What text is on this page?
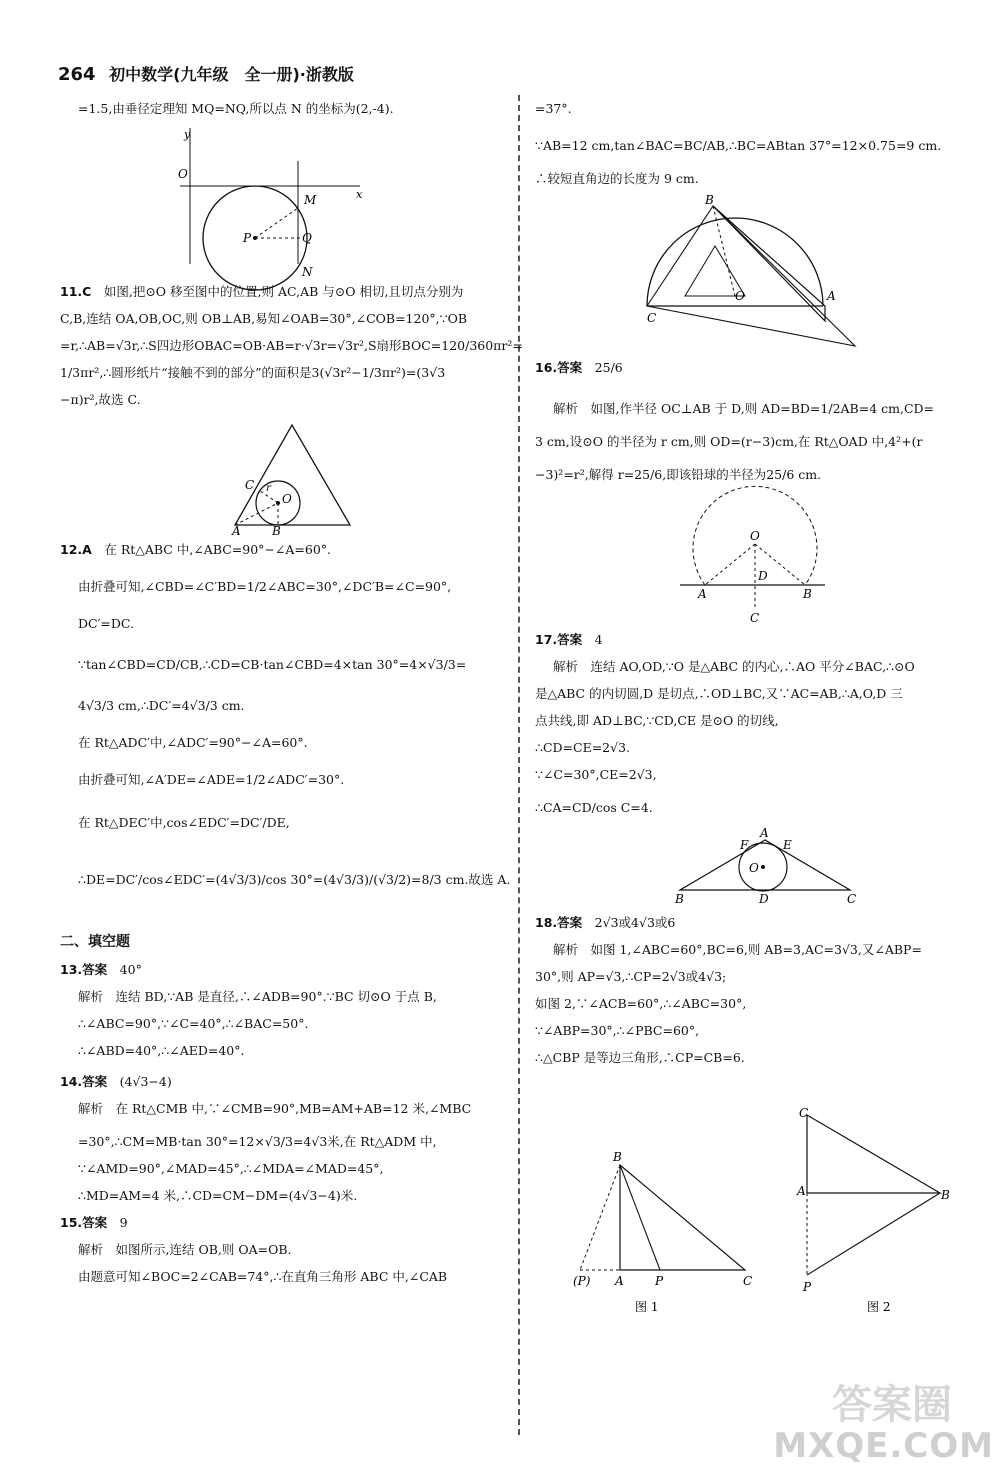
264 初中数学(九年级　全一册)·浙教版
=1.5,由垂径定理知 MQ=NQ,所以点 N 的坐标为(2,-4).
y
O
x
M
P	Q
N
11.C　 如图,把⊙O 移至图中的位置,则 AC,AB 与⊙O 相切,且切点分别为
C,B,连结 OA,OB,OC,则 OB⊥AB,易知∠OAB=30°,∠COB=120°,∵OB
=r,∴AB=√3r,∴S四边形OBAC=OB·AB=r·√3r=√3r²,S扇形BOC=120/360πr²=
1/3πr²,∴圆形纸片“接触不到的部分”的面积是3(√3r²−1/3πr²)=(3√3
−π)r²,故选 C.
C r
O
A	B
12.A　 在 Rt△ABC 中,∠ABC=90°−∠A=60°.
由折叠可知,∠CBD=∠C′BD=1/2∠ABC=30°,∠DC′B=∠C=90°,
DC′=DC.
∵tan∠CBD=CD/CB,∴CD=CB·tan∠CBD=4×tan 30°=4×√3/3=
4√3/3 cm,∴DC′=4√3/3 cm.
在 Rt△ADC′中,∠ADC′=90°−∠A=60°.
由折叠可知,∠A′DE=∠ADE=1/2∠ADC′=30°.
在 Rt△DEC′中,cos∠EDC′=DC′/DE,
∴DE=DC′/cos∠EDC′=(4√3/3)/cos 30°=(4√3/3)/(√3/2)=8/3 cm.故选 A.
二、填空题
13.答案　 40°
解析　连结 BD,∵AB 是直径,∴∠ADB=90°.∵BC 切⊙O 于点 B,
∴∠ABC=90°,∵∠C=40°,∴∠BAC=50°.
∴∠ABD=40°,∴∠AED=40°.
14.答案　 (4√3−4)
解析　在 Rt△CMB 中,∵∠CMB=90°,MB=AM+AB=12 米,∠MBC
=30°,∴CM=MB·tan 30°=12×√3/3=4√3米,在 Rt△ADM 中,
∵∠AMD=90°,∠MAD=45°,∴∠MDA=∠MAD=45°,
∴MD=AM=4 米,∴CD=CM−DM=(4√3−4)米.
15.答案　 9
解析　如图所示,连结 OB,则 OA=OB.
由题意可知∠BOC=2∠CAB=74°,∴在直角三角形 ABC 中,∠CAB
=37°.
∵AB=12 cm,tan∠BAC=BC/AB,∴BC=ABtan 37°=12×0.75=9 cm.
∴较短直角边的长度为 9 cm.
B
O	A
C
16.答案　 25/6
解析　如图,作半径 OC⊥AB 于 D,则 AD=BD=1/2AB=4 cm,CD=
3 cm,设⊙O 的半径为 r cm,则 OD=(r−3)cm,在 Rt△OAD 中,4²+(r
−3)²=r²,解得 r=25/6,即该铅球的半径为25/6 cm.
O
D
A	B
C
17.答案　 4
解析　连结 AO,OD,∵O 是△ABC 的内心,∴AO 平分∠BAC,∴⊙O
是△ABC 的内切圆,D 是切点,∴OD⊥BC,又∵AC=AB,∴A,O,D 三
点共线,即 AD⊥BC,∵CD,CE 是⊙O 的切线,
∴CD=CE=2√3.
∵∠C=30°,CE=2√3,
∴CA=CD/cos C=4.
A
F	E
O
B	D	C
18.答案　 2√3或4√3或6
解析　如图 1,∠ABC=60°,BC=6,则 AB=3,AC=3√3,又∠ABP=
30°,则 AP=√3,∴CP=2√3或4√3;
如图 2,∵∠ACB=60°,∴∠ABC=30°,
∵∠ABP=30°,∴∠PBC=60°,
∴△CBP 是等边三角形,∴CP=CB=6.
B
(P) A	P	C
C
A	B
P
图 1	图 2
答案圈
MXQE.COM
